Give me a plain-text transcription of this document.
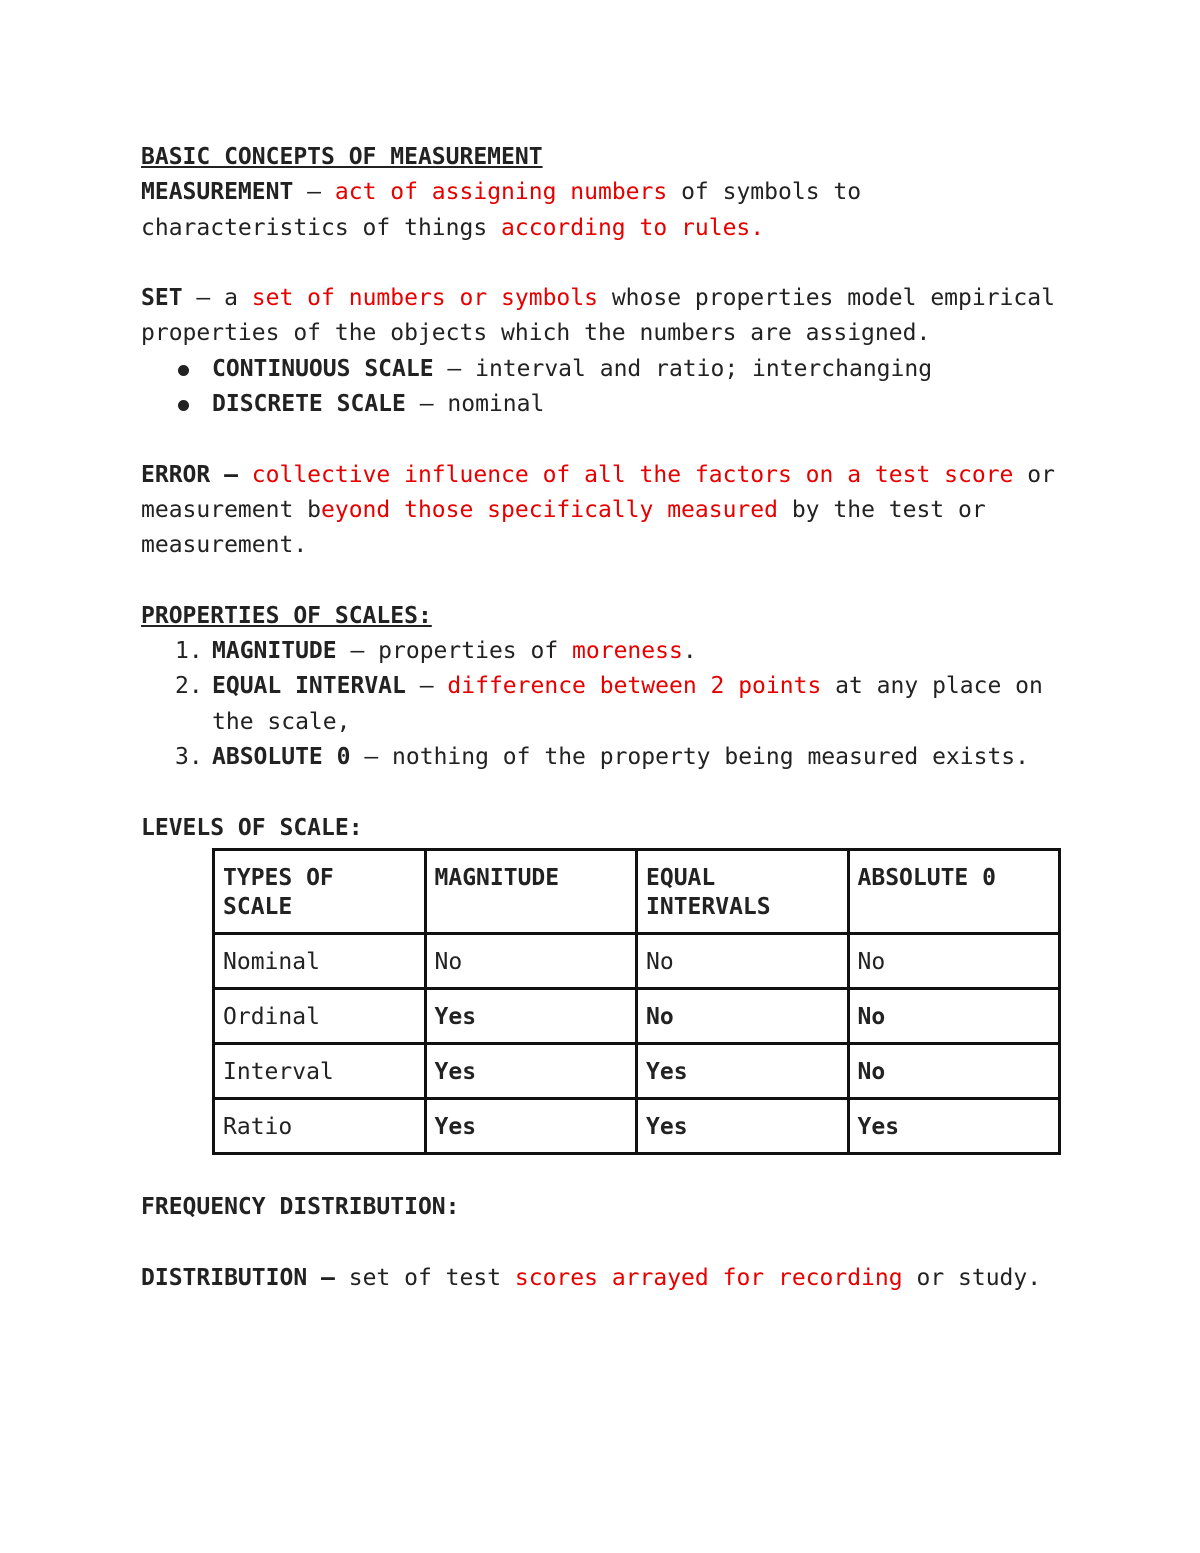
BASIC CONCEPTS OF MEASUREMENT

MEASUREMENT – act of assigning numbers of symbols to characteristics of things according to rules.

SET – a set of numbers or symbols whose properties model empirical properties of the objects which the numbers are assigned.

CONTINUOUS SCALE – interval and ratio; interchanging
DISCRETE SCALE – nominal

ERROR – collective influence of all the factors on a test score or measurement beyond those specifically measured by the test or measurement.

PROPERTIES OF SCALES:

1. MAGNITUDE – properties of moreness.
2. EQUAL INTERVAL – difference between 2 points at any place on the scale,
3. ABSOLUTE 0 – nothing of the property being measured exists.

LEVELS OF SCALE:

TYPES OF SCALE	MAGNITUDE	EQUAL INTERVALS	ABSOLUTE 0
Nominal	No	No	No
Ordinal	Yes	No	No
Interval	Yes	Yes	No
Ratio	Yes	Yes	Yes

FREQUENCY DISTRIBUTION:

DISTRIBUTION – set of test scores arrayed for recording or study.
